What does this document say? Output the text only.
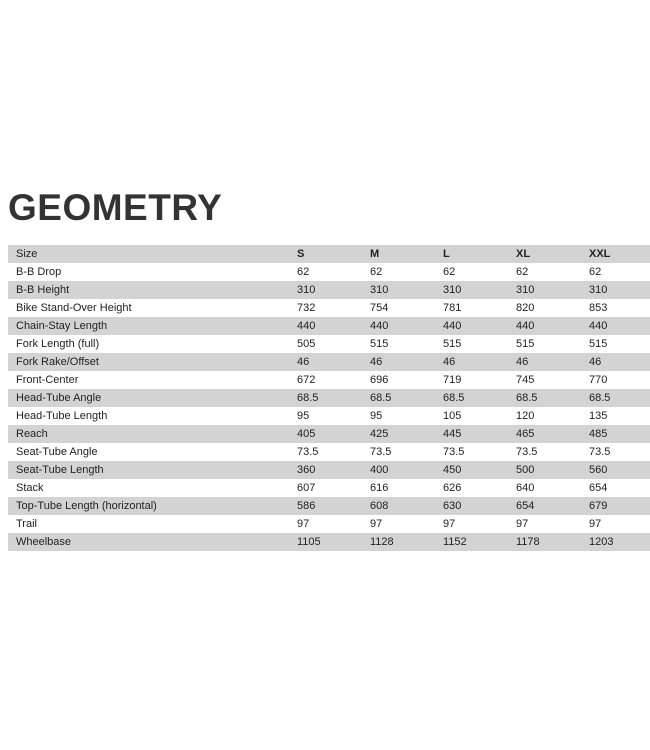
GEOMETRY
Size	S	M	L	XL	XXL
B-B Drop	62	62	62	62	62
B-B Height	310	310	310	310	310
Bike Stand-Over Height	732	754	781	820	853
Chain-Stay Length	440	440	440	440	440
Fork Length (full)	505	515	515	515	515
Fork Rake/Offset	46	46	46	46	46
Front-Center	672	696	719	745	770
Head-Tube Angle	68.5	68.5	68.5	68.5	68.5
Head-Tube Length	95	95	105	120	135
Reach	405	425	445	465	485
Seat-Tube Angle	73.5	73.5	73.5	73.5	73.5
Seat-Tube Length	360	400	450	500	560
Stack	607	616	626	640	654
Top-Tube Length (horizontal)	586	608	630	654	679
Trail	97	97	97	97	97
Wheelbase	1105	1128	1152	1178	1203
